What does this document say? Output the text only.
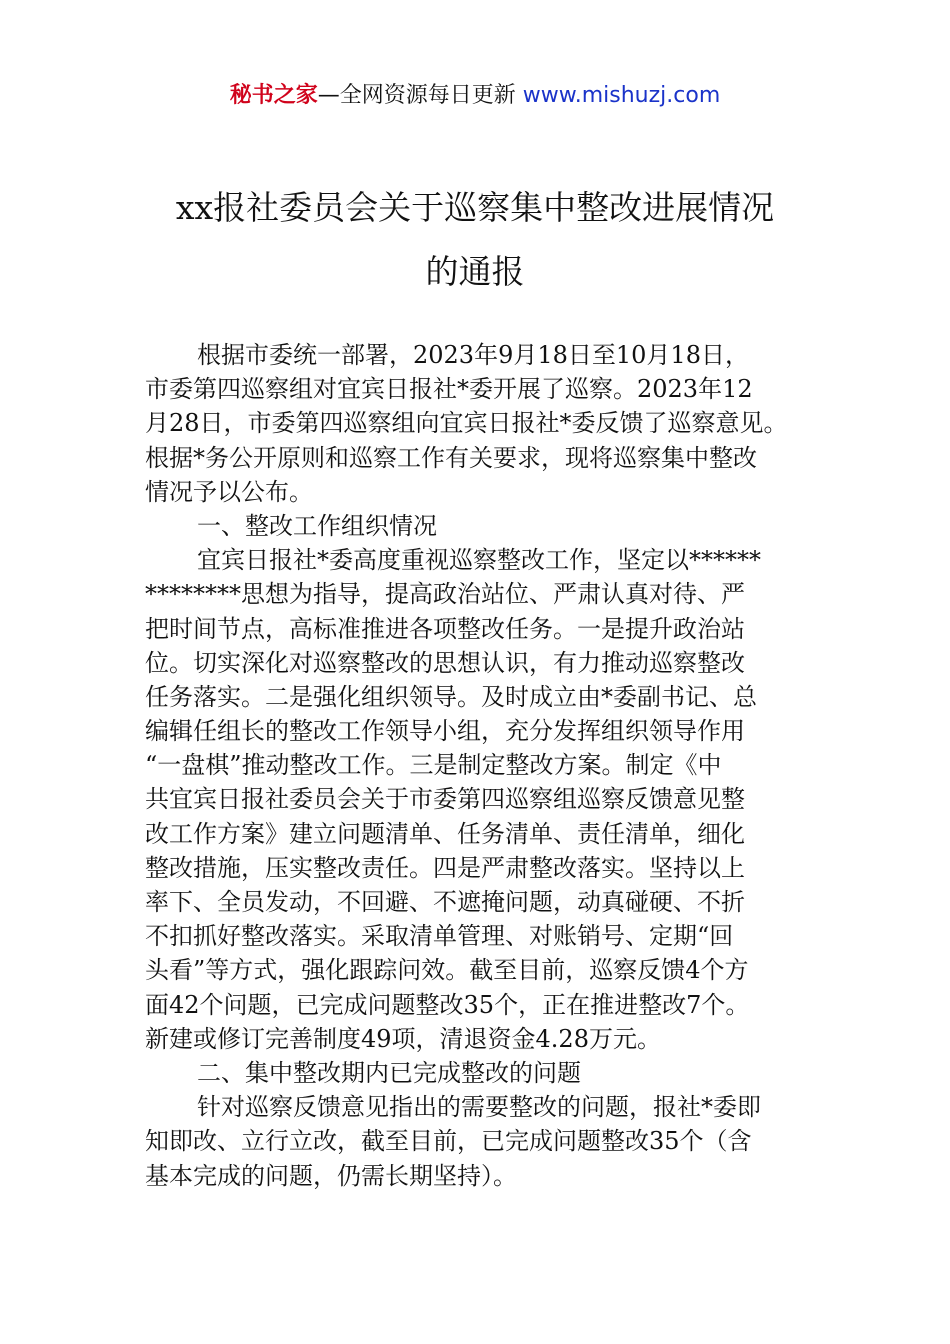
秘书之家—全网资源每日更新 www.mishuzj.com
xx报社委员会关于巡察集中整改进展情况
的通报
根据市委统一部署，2023年9月18日至10月18日，
市委第四巡察组对宜宾日报社*委开展了巡察。2023年12
月28日，市委第四巡察组向宜宾日报社*委反馈了巡察意见。
根据*务公开原则和巡察工作有关要求，现将巡察集中整改
情况予以公布。
一、整改工作组织情况
宜宾日报社*委高度重视巡察整改工作，坚定以******
********思想为指导，提高政治站位、严肃认真对待、严
把时间节点，高标准推进各项整改任务。一是提升政治站
位。切实深化对巡察整改的思想认识，有力推动巡察整改
任务落实。二是强化组织领导。及时成立由*委副书记、总
编辑任组长的整改工作领导小组，充分发挥组织领导作用
“一盘棋”推动整改工作。三是制定整改方案。制定《中
共宜宾日报社委员会关于市委第四巡察组巡察反馈意见整
改工作方案》建立问题清单、任务清单、责任清单，细化
整改措施，压实整改责任。四是严肃整改落实。坚持以上
率下、全员发动，不回避、不遮掩问题，动真碰硬、不折
不扣抓好整改落实。采取清单管理、对账销号、定期“回
头看”等方式，强化跟踪问效。截至目前，巡察反馈4个方
面42个问题，已完成问题整改35个，正在推进整改7个。
新建或修订完善制度49项，清退资金4.28万元。
二、集中整改期内已完成整改的问题
针对巡察反馈意见指出的需要整改的问题，报社*委即
知即改、立行立改，截至目前，已完成问题整改35个（含
基本完成的问题，仍需长期坚持）。
